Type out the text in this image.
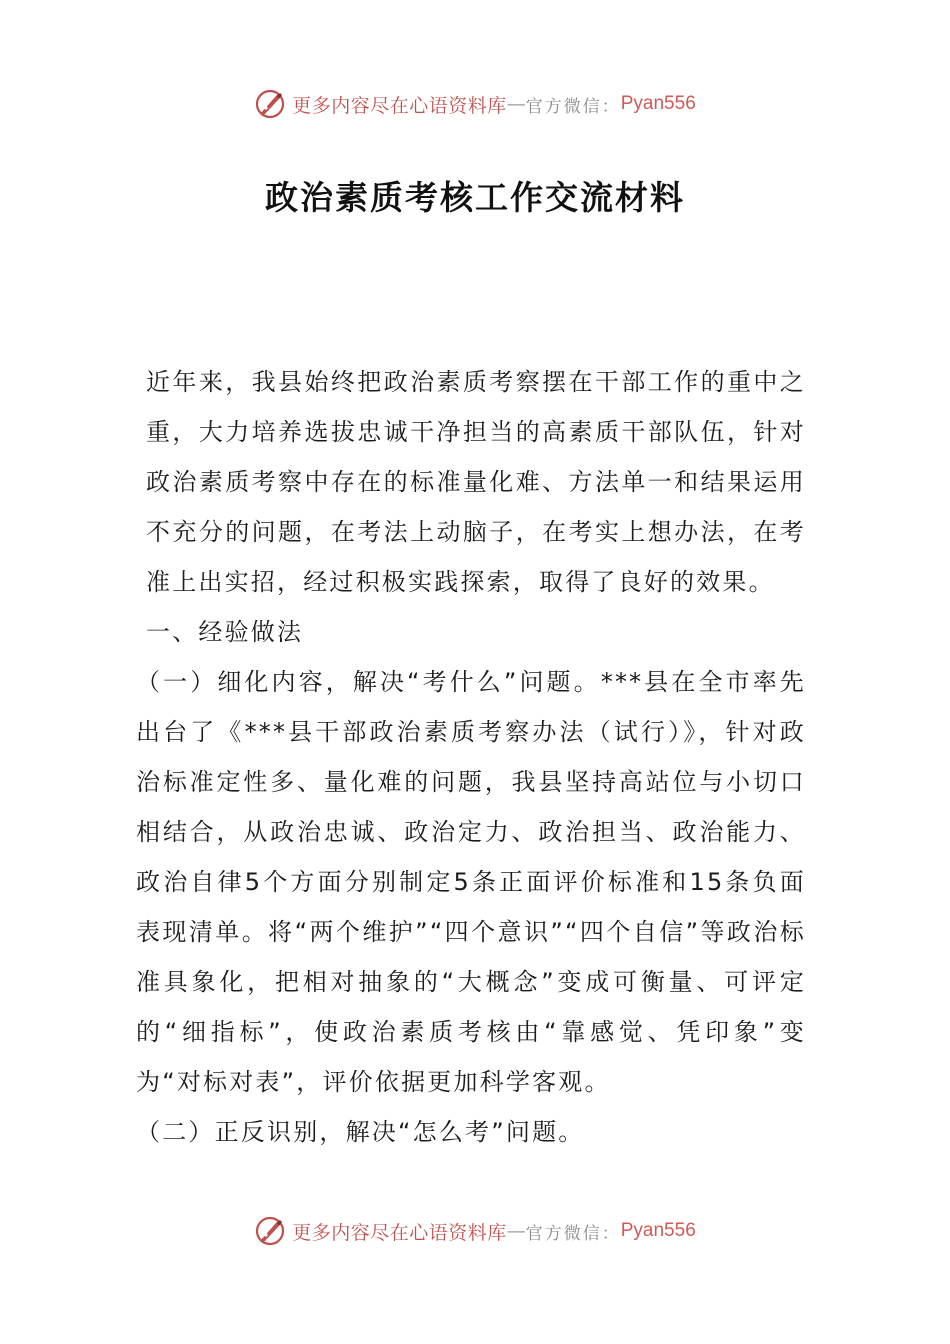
更多内容尽在心语资料库 — 官方微信： Pyan556
政治素质考核工作交流材料

近年来，我县始终把政治素质考察摆在干部工作的重中之重，大力培养选拔忠诚干净担当的高素质干部队伍，针对政治素质考察中存在的标准量化难、方法单一和结果运用不充分的问题，在考法上动脑子，在考实上想办法，在考准上出实招，经过积极实践探索，取得了良好的效果。

一、经验做法

（一）细化内容，解决“考什么”问题。***县在全市率先出台了《***县干部政治素质考察办法（试行）》，针对政治标准定性多、量化难的问题，我县坚持高站位与小切口相结合，从政治忠诚、政治定力、政治担当、政治能力、政治自律5个方面分别制定5条正面评价标准和15条负面表现清单。将“两个维护”“四个意识”“四个自信”等政治标准具象化，把相对抽象的“大概念”变成可衡量、可评定的“细指标”，使政治素质考核由“靠感觉、凭印象”变为“对标对表”，评价依据更加科学客观。

（二）正反识别，解决“怎么考”问题。

更多内容尽在心语资料库 — 官方微信： Pyan556
